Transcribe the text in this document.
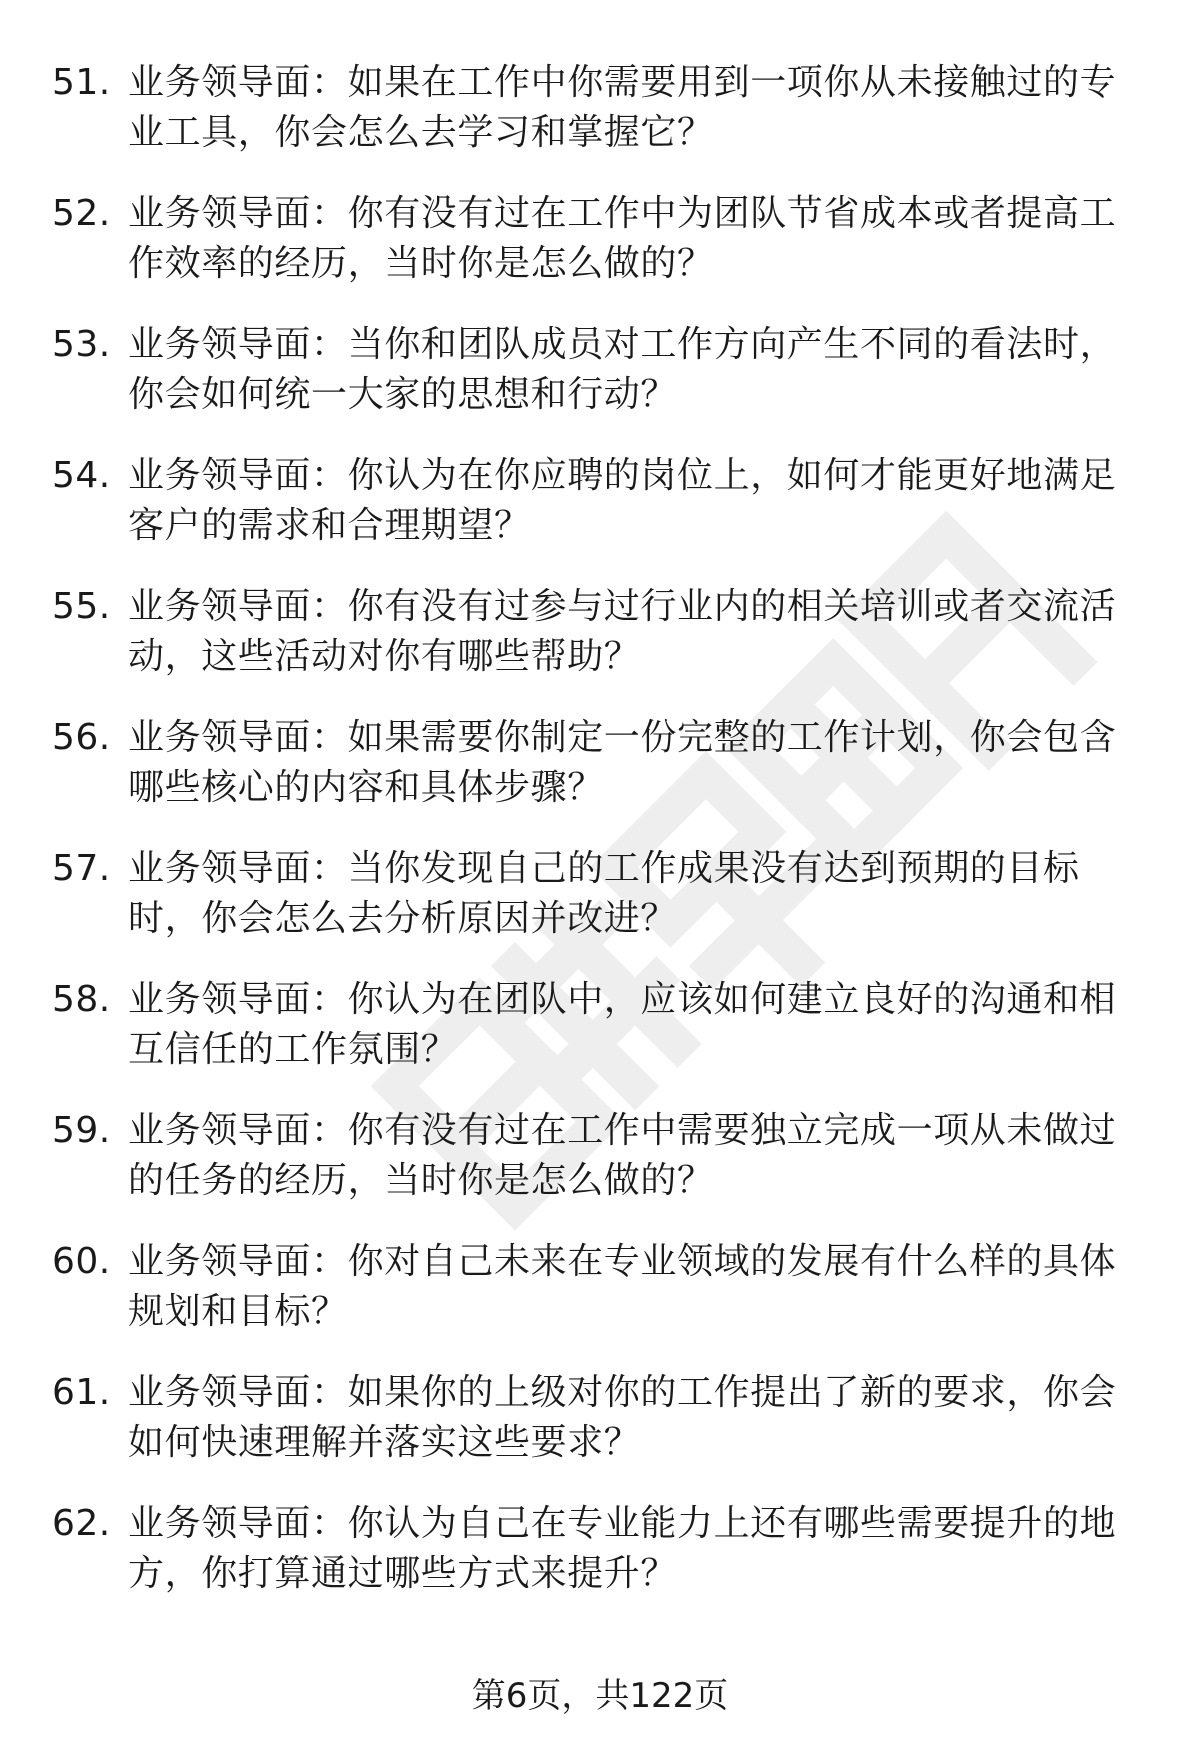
51. 业务领导面：如果在工作中你需要用到一项你从未接触过的专业工具，你会怎么去学习和掌握它？
52. 业务领导面：你有没有过在工作中为团队节省成本或者提高工作效率的经历，当时你是怎么做的？
53. 业务领导面：当你和团队成员对工作方向产生不同的看法时，你会如何统一大家的思想和行动？
54. 业务领导面：你认为在你应聘的岗位上，如何才能更好地满足客户的需求和合理期望？
55. 业务领导面：你有没有过参与过行业内的相关培训或者交流活动，这些活动对你有哪些帮助？
56. 业务领导面：如果需要你制定一份完整的工作计划，你会包含哪些核心的内容和具体步骤？
57. 业务领导面：当你发现自己的工作成果没有达到预期的目标时，你会怎么去分析原因并改进？
58. 业务领导面：你认为在团队中，应该如何建立良好的沟通和相互信任的工作氛围？
59. 业务领导面：你有没有过在工作中需要独立完成一项从未做过的任务的经历，当时你是怎么做的？
60. 业务领导面：你对自己未来在专业领域的发展有什么样的具体规划和目标？
61. 业务领导面：如果你的上级对你的工作提出了新的要求，你会如何快速理解并落实这些要求？
62. 业务领导面：你认为自己在专业能力上还有哪些需要提升的地方，你打算通过哪些方式来提升？
第6页，共122页
